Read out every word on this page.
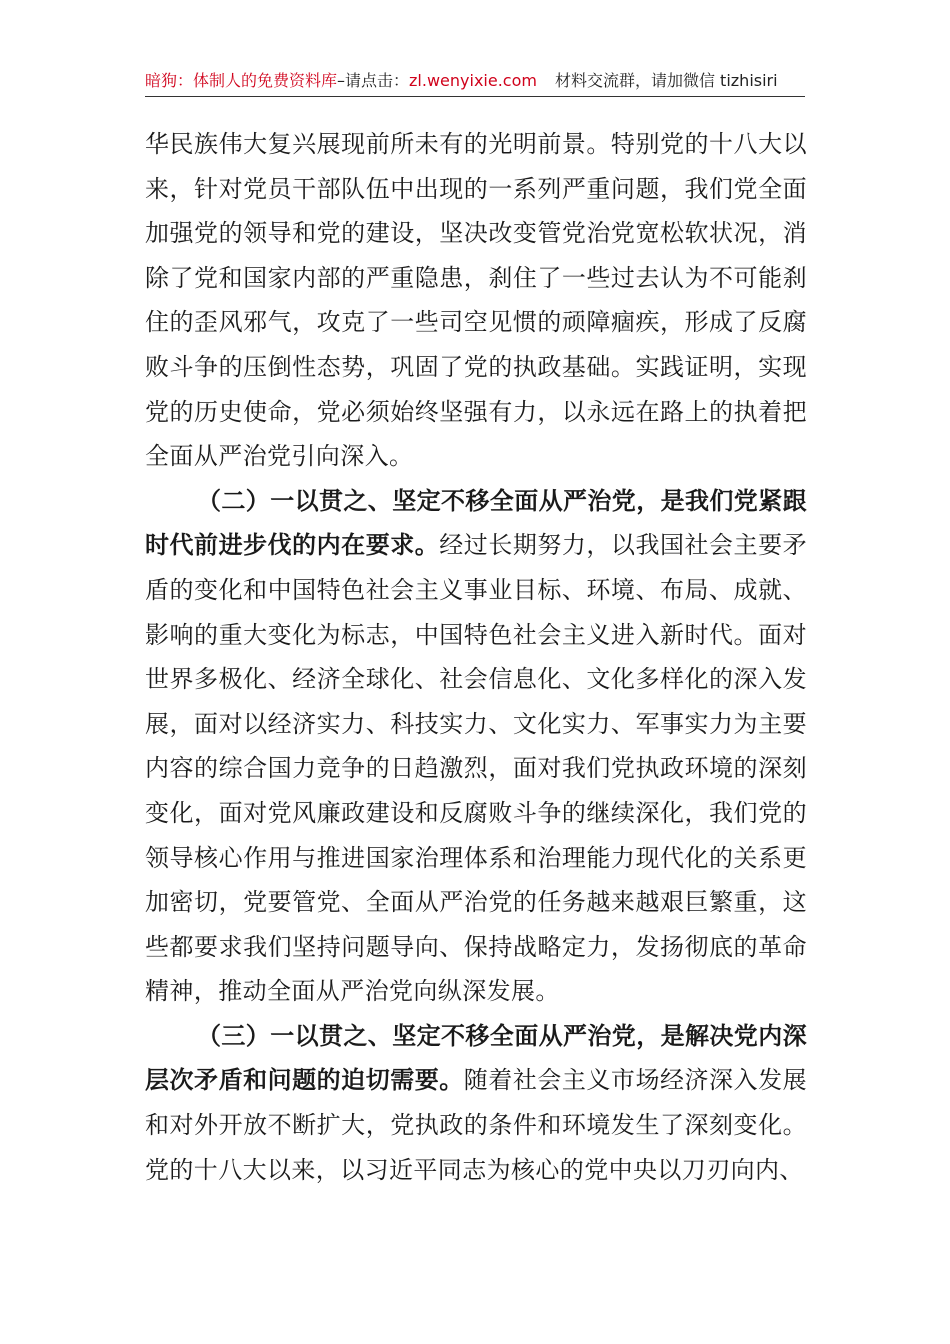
暗狗：体制人的免费资料库–请点击：zl.wenyixie.com 材料交流群，请加微信 tizhisiri

华民族伟大复兴展现前所未有的光明前景。特别党的十八大以来，针对党员干部队伍中出现的一系列严重问题，我们党全面加强党的领导和党的建设，坚决改变管党治党宽松软状况，消除了党和国家内部的严重隐患，刹住了一些过去认为不可能刹住的歪风邪气，攻克了一些司空见惯的顽障痼疾，形成了反腐败斗争的压倒性态势，巩固了党的执政基础。实践证明，实现党的历史使命，党必须始终坚强有力，以永远在路上的执着把全面从严治党引向深入。

（二）一以贯之、坚定不移全面从严治党，是我们党紧跟时代前进步伐的内在要求。经过长期努力，以我国社会主要矛盾的变化和中国特色社会主义事业目标、环境、布局、成就、影响的重大变化为标志，中国特色社会主义进入新时代。面对世界多极化、经济全球化、社会信息化、文化多样化的深入发展，面对以经济实力、科技实力、文化实力、军事实力为主要内容的综合国力竞争的日趋激烈，面对我们党执政环境的深刻变化，面对党风廉政建设和反腐败斗争的继续深化，我们党的领导核心作用与推进国家治理体系和治理能力现代化的关系更加密切，党要管党、全面从严治党的任务越来越艰巨繁重，这些都要求我们坚持问题导向、保持战略定力，发扬彻底的革命精神，推动全面从严治党向纵深发展。

（三）一以贯之、坚定不移全面从严治党，是解决党内深层次矛盾和问题的迫切需要。随着社会主义市场经济深入发展和对外开放不断扩大，党执政的条件和环境发生了深刻变化。党的十八大以来，以习近平同志为核心的党中央以刀刃向内、
